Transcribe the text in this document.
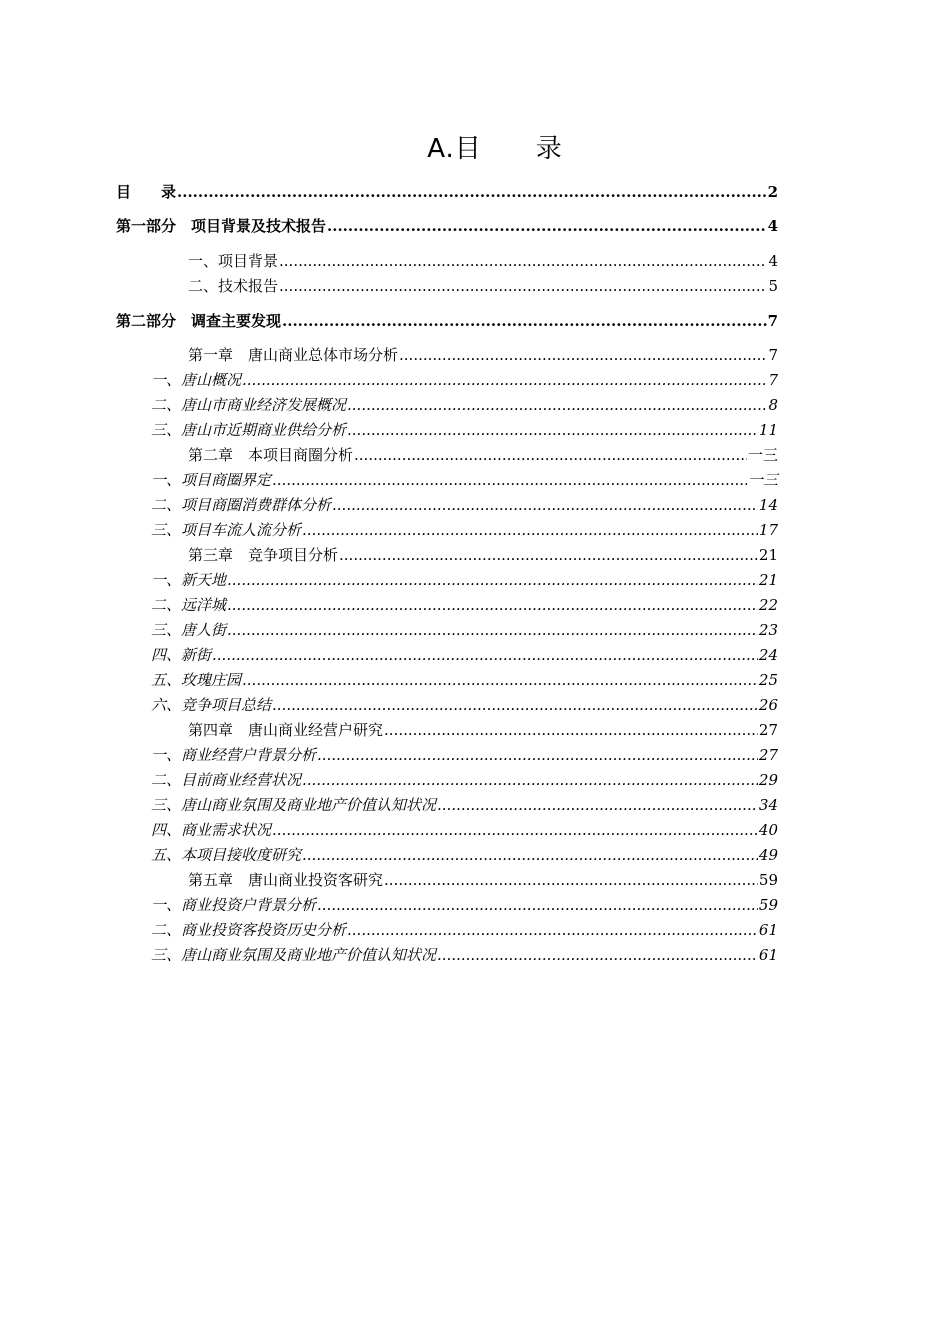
A.目　　录
目　　录 .....	2
第一部分　项目背景及技术报告 .....	4
一、项目背景 .....	4
二、技术报告 .....	5
第二部分　调查主要发现 .....	7
第一章　唐山商业总体市场分析 .....	7
一、唐山概况 .....	7
二、唐山市商业经济发展概况 .....	8
三、唐山市近期商业供给分析 .....	11
第二章　本项目商圈分析 .....	一三
一、项目商圈界定 .....	一三
二、项目商圈消费群体分析 .....	14
三、项目车流人流分析 .....	17
第三章　竞争项目分析 .....	21
一、新天地 .....	21
二、远洋城 .....	22
三、唐人街 .....	23
四、新街 .....	24
五、玫瑰庄园 .....	25
六、竞争项目总结 .....	26
第四章　唐山商业经营户研究 .....	27
一、商业经营户背景分析 .....	27
二、目前商业经营状况 .....	29
三、唐山商业氛围及商业地产价值认知状况 .....	34
四、商业需求状况 .....	40
五、本项目接收度研究 .....	49
第五章　唐山商业投资客研究 .....	59
一、商业投资户背景分析 .....	59
二、商业投资客投资历史分析 .....	61
三、唐山商业氛围及商业地产价值认知状况 .....	61
